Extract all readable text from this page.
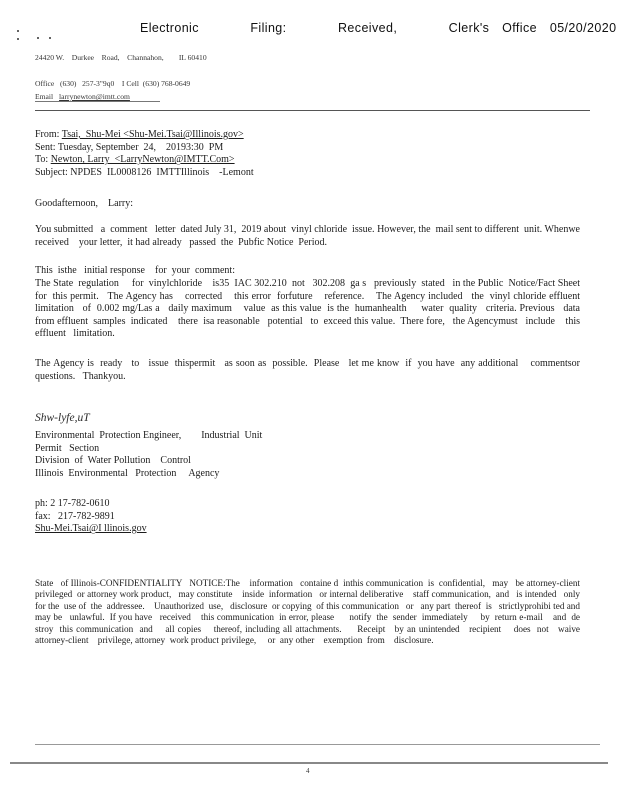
Electronic    Filing:    Received,    Clerk's Office 05/20/2020
24420 W.    Durkee    Road,    Channahon,        IL 60410
Office   (630)   257-3"9q0    I Cell  (630) 768-0649
Email larrynewton@imtt.com
From: Tsai,  Shu-Mei <Shu-Mei.Tsai@Illinois.gov>
Sent: Tuesday, September  24,    20193:30  PM
To: Newton, Larry  <LarryNewton@IMTT.Com>
Subject: NPDES  IL0008126  IMTTIllinois    -Lemont
Goodafternoon,    Larry:
You submitted   a  comment   letter  dated July 31,  2019 about  vinyl chloride  issue. However, the  mail sent to different  unit. Whenwe    received    your letter,  it had already   passed  the  Pubfic Notice  Period.
This  isthe   initial response    for  your  comment:
The State  regulation     for  vinylchloride    is35  IAC 302.210  not   302.208  ga s   previously  stated   in the Public  Notice/Fact Sheet  for  this permit.   The Agency has    corrected    this error  forfuture    reference.    The Agency included   the  vinyl chloride effluent   limitation   of  0.002 mg/Las a   daily maximum    value  as this value  is the  humanhealth     water  quality   criteria. Previous   data  from effluent  samples  indicated    there  isa reasonable   potential   to  exceed this value.  There fore,   the Agencymust   include    this effluent   limitation.
The Agency is  ready   to   issue  thispermit   as soon as  possible.  Please   let me know  if  you have  any additional    commentsor questions.   Thankyou.
Shw-lyfe,uT
Environmental  Protection Engineer,        Industrial  Unit
Permit   Section
Division  of  Water Pollution    Control
Illinois  Environmental   Protection     Agency
ph: 2 17-782-0610
fax:   217-782-9891
Shu-Mei.Tsai@I llinois.gov
State   of Illinois-CONFIDENTIALITY   NOTICE:The    information   containe d  inthis communication  is  confidential,   may   be attorney-client    privileged  or attorney work product,   may constitute    inside  information   or internal deliberative    staff communication,  and   is intended   only for the  use of  the  addressee.    Unauthorized  use,   disclosure  or copying  of this communication   or   any part  thereof  is   strictlyprohibi ted and  may be   unlawful.  If you have   received    this communication  in error, please      notify  the  sender  immediately     by  return e-mail    and  de stroy  this communication  and    all copies    thereof, including all attachments.     Receipt   by an unintended   recipient    does  not   waive attorney-client    privilege, attorney  work product privilege,     or  any other    exemption  from    disclosure.
4
